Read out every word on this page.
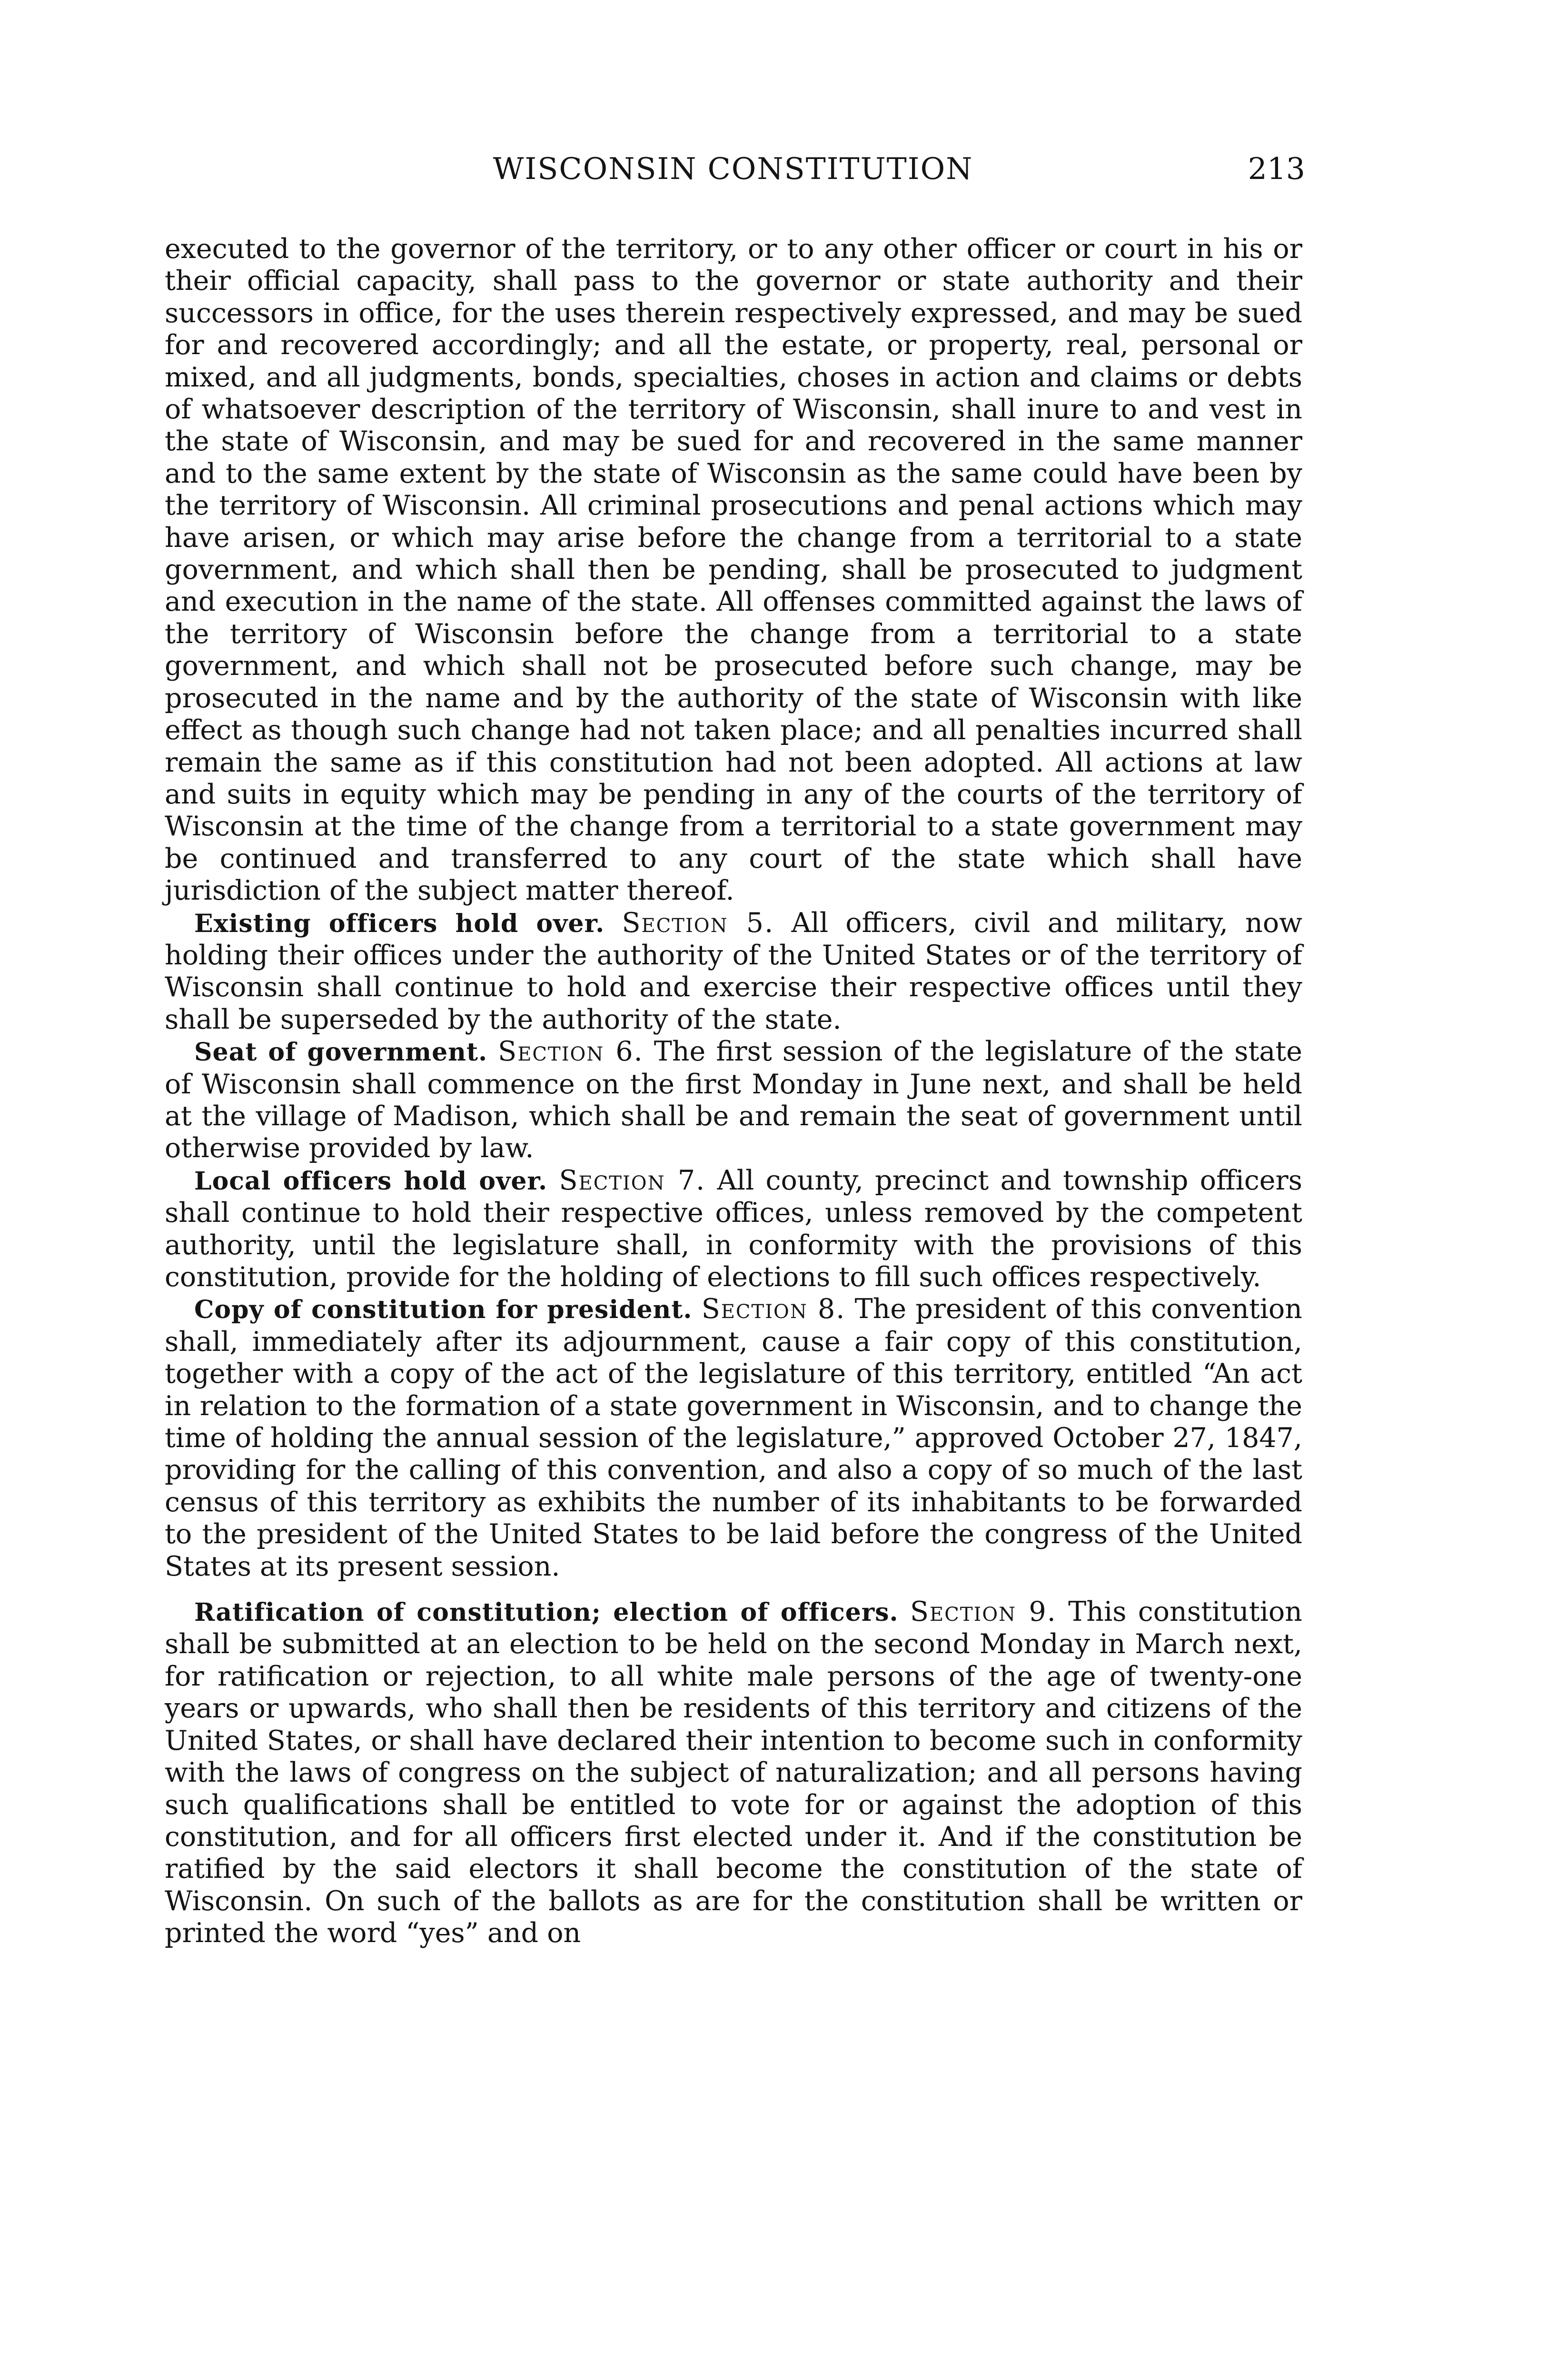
WISCONSIN CONSTITUTION	213

executed to the governor of the territory, or to any other officer or court in his or their official capacity, shall pass to the governor or state authority and their successors in office, for the uses therein respectively expressed, and may be sued for and recovered accordingly; and all the estate, or property, real, personal or mixed, and all judgments, bonds, specialties, choses in action and claims or debts of whatsoever description of the territory of Wisconsin, shall inure to and vest in the state of Wisconsin, and may be sued for and recovered in the same manner and to the same extent by the state of Wisconsin as the same could have been by the territory of Wisconsin. All criminal prosecutions and penal actions which may have arisen, or which may arise before the change from a territorial to a state government, and which shall then be pending, shall be prosecuted to judgment and execution in the name of the state. All offenses committed against the laws of the territory of Wisconsin before the change from a territorial to a state government, and which shall not be prosecuted before such change, may be prosecuted in the name and by the authority of the state of Wisconsin with like effect as though such change had not taken place; and all penalties incurred shall remain the same as if this constitution had not been adopted. All actions at law and suits in equity which may be pending in any of the courts of the territory of Wisconsin at the time of the change from a territorial to a state government may be continued and transferred to any court of the state which shall have jurisdiction of the subject matter thereof.

Existing officers hold over. Section 5. All officers, civil and military, now holding their offices under the authority of the United States or of the territory of Wisconsin shall continue to hold and exercise their respective offices until they shall be superseded by the authority of the state.

Seat of government. Section 6. The first session of the legislature of the state of Wisconsin shall commence on the first Monday in June next, and shall be held at the village of Madison, which shall be and remain the seat of government until otherwise provided by law.

Local officers hold over. Section 7. All county, precinct and township officers shall continue to hold their respective offices, unless removed by the competent authority, until the legislature shall, in conformity with the provisions of this constitution, provide for the holding of elections to fill such offices respectively.

Copy of constitution for president. Section 8. The president of this convention shall, immediately after its adjournment, cause a fair copy of this constitution, together with a copy of the act of the legislature of this territory, entitled “An act in relation to the formation of a state government in Wisconsin, and to change the time of holding the annual session of the legislature,” approved October 27, 1847, providing for the calling of this convention, and also a copy of so much of the last census of this territory as exhibits the number of its inhabitants to be forwarded to the president of the United States to be laid before the congress of the United States at its present session.

Ratification of constitution; election of officers. Section 9. This constitution shall be submitted at an election to be held on the second Monday in March next, for ratification or rejection, to all white male persons of the age of twenty-one years or upwards, who shall then be residents of this territory and citizens of the United States, or shall have declared their intention to become such in conformity with the laws of congress on the subject of naturalization; and all persons having such qualifications shall be entitled to vote for or against the adoption of this constitution, and for all officers first elected under it. And if the constitution be ratified by the said electors it shall become the constitution of the state of Wisconsin. On such of the ballots as are for the constitution shall be written or printed the word “yes” and on
